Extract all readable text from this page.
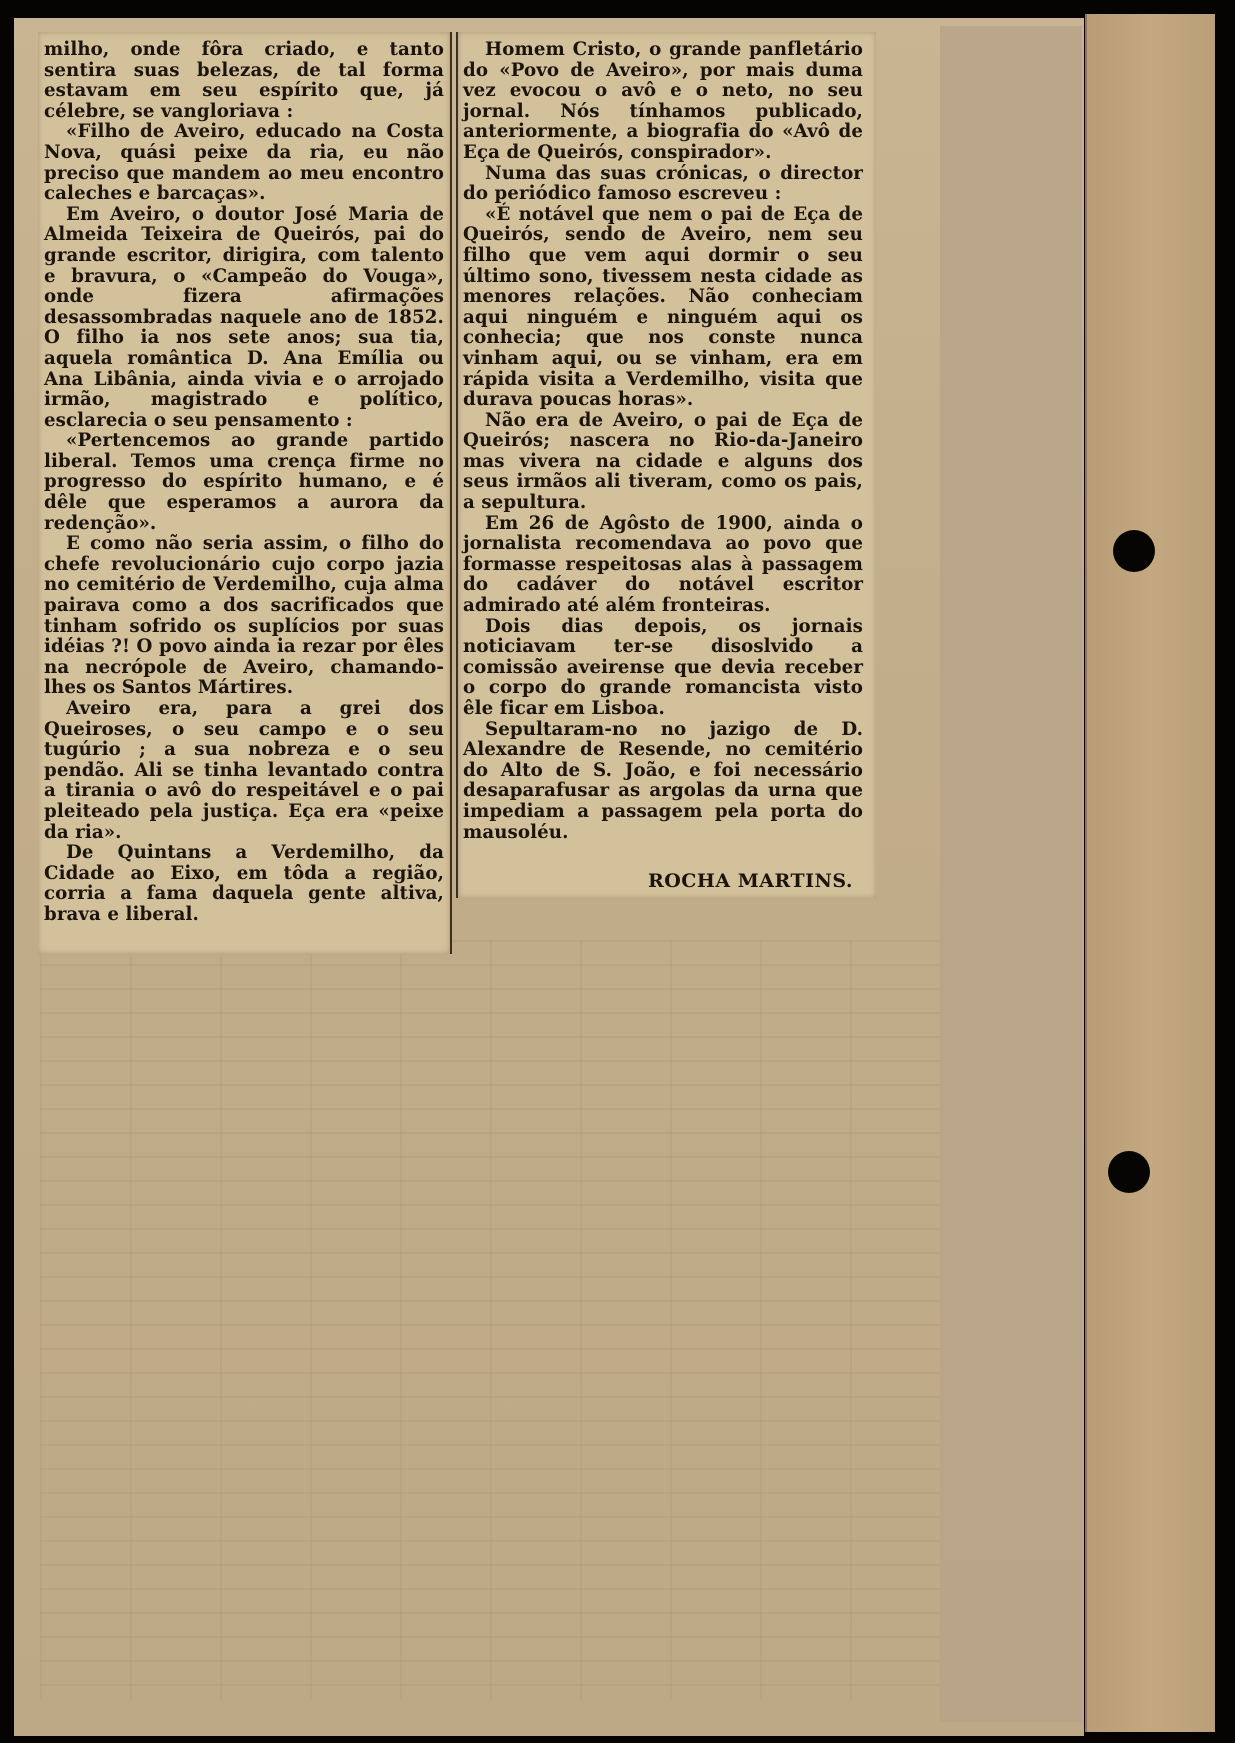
milho, onde fôra criado, e tanto sentira suas belezas, de tal forma estavam em seu espírito que, já célebre, se vangloriava :

«Filho de Aveiro, educado na Costa Nova, quási peixe da ria, eu não preciso que mandem ao meu encontro caleches e barcaças».

Em Aveiro, o doutor José Maria de Almeida Teixeira de Queirós, pai do grande escritor, dirigira, com talento e bravura, o «Campeão do Vouga», onde fizera afirmações desassombradas naquele ano de 1852. O filho ia nos sete anos; sua tia, aquela romântica D. Ana Emília ou Ana Libânia, ainda vivia e o arrojado irmão, magistrado e político, esclarecia o seu pensamento :

«Pertencemos ao grande partido liberal. Temos uma crença firme no progresso do espírito humano, e é dêle que esperamos a aurora da redenção».

E como não seria assim, o filho do chefe revolucionário cujo corpo jazia no cemitério de Verdemilho, cuja alma pairava como a dos sacrificados que tinham sofrido os suplícios por suas idéias ?! O povo ainda ia rezar por êles na necrópole de Aveiro, chamando-lhes os Santos Mártires.

Aveiro era, para a grei dos Queiroses, o seu campo e o seu tugúrio ; a sua nobreza e o seu pendão. Ali se tinha levantado contra a tirania o avô do respeitável e o pai pleiteado pela justiça. Eça era «peixe da ria».

De Quintans a Verdemilho, da Cidade ao Eixo, em tôda a região, corria a fama daquela gente altiva, brava e liberal.

Homem Cristo, o grande panfletário do «Povo de Aveiro», por mais duma vez evocou o avô e o neto, no seu jornal. Nós tínhamos publicado, anteriormente, a biografia do «Avô de Eça de Queirós, conspirador».

Numa das suas crónicas, o director do periódico famoso escreveu :

«É notável que nem o pai de Eça de Queirós, sendo de Aveiro, nem seu filho que vem aqui dormir o seu último sono, tivessem nesta cidade as menores relações. Não conheciam aqui ninguém e ninguém aqui os conhecia; que nos conste nunca vinham aqui, ou se vinham, era em rápida visita a Verdemilho, visita que durava poucas horas».

Não era de Aveiro, o pai de Eça de Queirós; nascera no Rio-da-Janeiro mas vivera na cidade e alguns dos seus irmãos ali tiveram, como os pais, a sepultura.

Em 26 de Agôsto de 1900, ainda o jornalista recomendava ao povo que formasse respeitosas alas à passagem do cadáver do notável escritor admirado até além fronteiras.

Dois dias depois, os jornais noticiavam ter-se disoslvido a comissão aveirense que devia receber o corpo do grande romancista visto êle ficar em Lisboa.

Sepultaram-no no jazigo de D. Alexandre de Resende, no cemitério do Alto de S. João, e foi necessário desaparafusar as argolas da urna que impediam a passagem pela porta do mausoléu.

ROCHA MARTINS.
